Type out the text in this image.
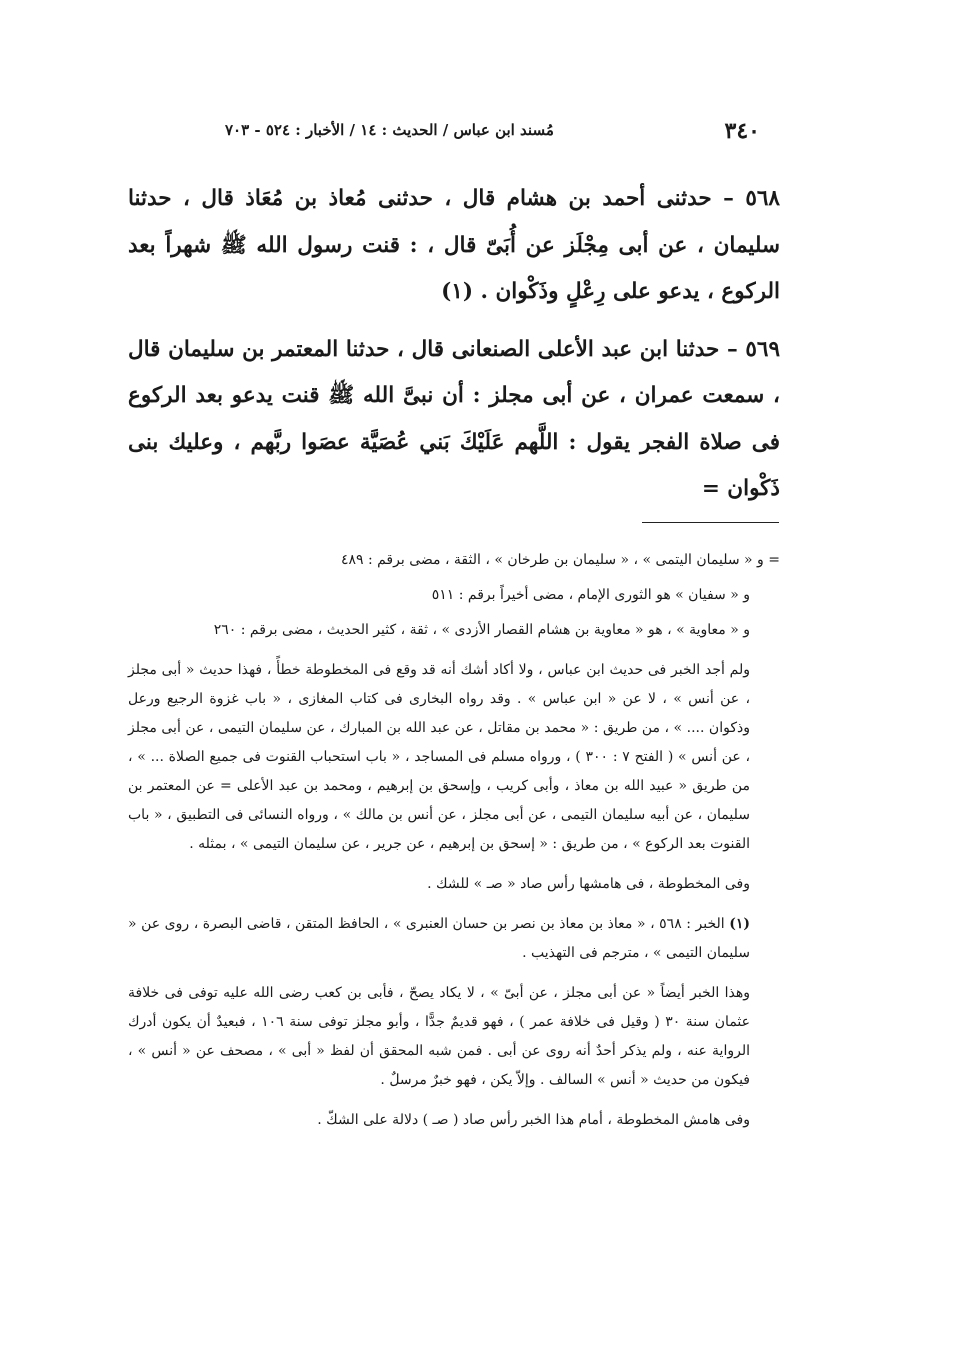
٣٤٠
مُسند ابن عباس / الحديث : ١٤ / الأخبار : ٥٢٤ - ٧٠٣

٥٦٨ – حدثنى أحمد بن هشام قال ، حدثنى مُعاذ بن مُعَاذ قال ، حدثنا سليمان ، عن أبى مِجْلَز عن أُبَىّ قال ، : قنت رسول الله ﷺ شهراً بعد الركوع ، يدعو على رِعْلٍ وذَكْوان . (١)

٥٦٩ – حدثنا ابن عبد الأعلى الصنعانى قال ، حدثنا المعتمر بن سليمان قال ، سمعت عمران ، عن أبى مجلز : أن نبىَّ الله ﷺ قنت يدعو بعد الركوع فى صلاة الفجر يقول : اللَّهم عَلَيْكَ بَني عُصَيَّة عصَوا ربَّهم ، وعليك بنى ذَكْوان =

= و « سليمان اليتمى » ، « سليمان بن طرخان » ، الثقة ، مضى برقم : ٤٨٩

و « سفيان » هو الثورى الإمام ، مضى أخيراً برقم : ٥١١

و « معاوية » ، هو « معاوية بن هشام القصار الأزدى » ، ثقة ، كثير الحديث ، مضى برقم : ٢٦٠

ولم أجد الخبر فى حديث ابن عباس ، ولا أكاد أشك أنه قد وقع فى المخطوطة خطأً ، فهذا حديث « أبى مجلز ، عن أنس » ، لا عن « ابن عباس » . وقد رواه البخارى فى كتاب المغازى ، « باب غزوة الرجيع ورعل وذكوان .... » ، من طريق : « محمد بن مقاتل ، عن عبد الله بن المبارك ، عن سليمان التيمى ، عن أبى مجلز ، عن أنس » ( الفتح ٧ : ٣٠٠ ) ، ورواه مسلم فى المساجد ، « باب استحباب القنوت فى جميع الصلاة ... » ، من طريق « عبيد الله بن معاذ ، وأبى كريب ، وإسحق بن إبرهيم ، ومحمد بن عبد الأعلى = عن المعتمر بن سليمان ، عن أبيه سليمان التيمى ، عن أبى مجلز ، عن أنس بن مالك » ، ورواه النسائى فى التطبيق ، « باب القنوت بعد الركوع » ، من طريق : « إسحق بن إبرهيم ، عن جرير ، عن سليمان التيمى » ، بمثله .

وفى المخطوطة ، فى هامشها رأس صاد « صـ » للشك .

(١) الخبر : ٥٦٨ ، « معاذ بن معاذ بن نصر بن حسان العنبرى » ، الحافظ المتقن ، قاضى البصرة ، روى عن « سليمان التيمى » ، مترجم فى التهذيب .

وهذا الخبر أيضاً « عن أبى مجلز ، عن أبىّ » ، لا يكاد يصحّ ، فأبى بن كعب رضى الله عليه توفى فى خلافة عثمان سنة ٣٠ ( وقيل فى خلافة عمر ) ، فهو قديمٌ جدًّا ، وأبو مجلز توفى سنة ١٠٦ ، فبعيدٌ أن يكون أدرك الرواية عنه ، ولم يذكر أحدٌ أنه روى عن أبى . فمن شبه المحقق أن لفظ « أبى » ، مصحف عن « أنس » ، فيكون من حديث « أنس » السالف . وإلاّ يكن ، فهو خبرٌ مرسلٌ .

وفى هامش المخطوطة ، أمام هذا الخبر رأس صاد ( صـ ) دلالة على الشكّ .
